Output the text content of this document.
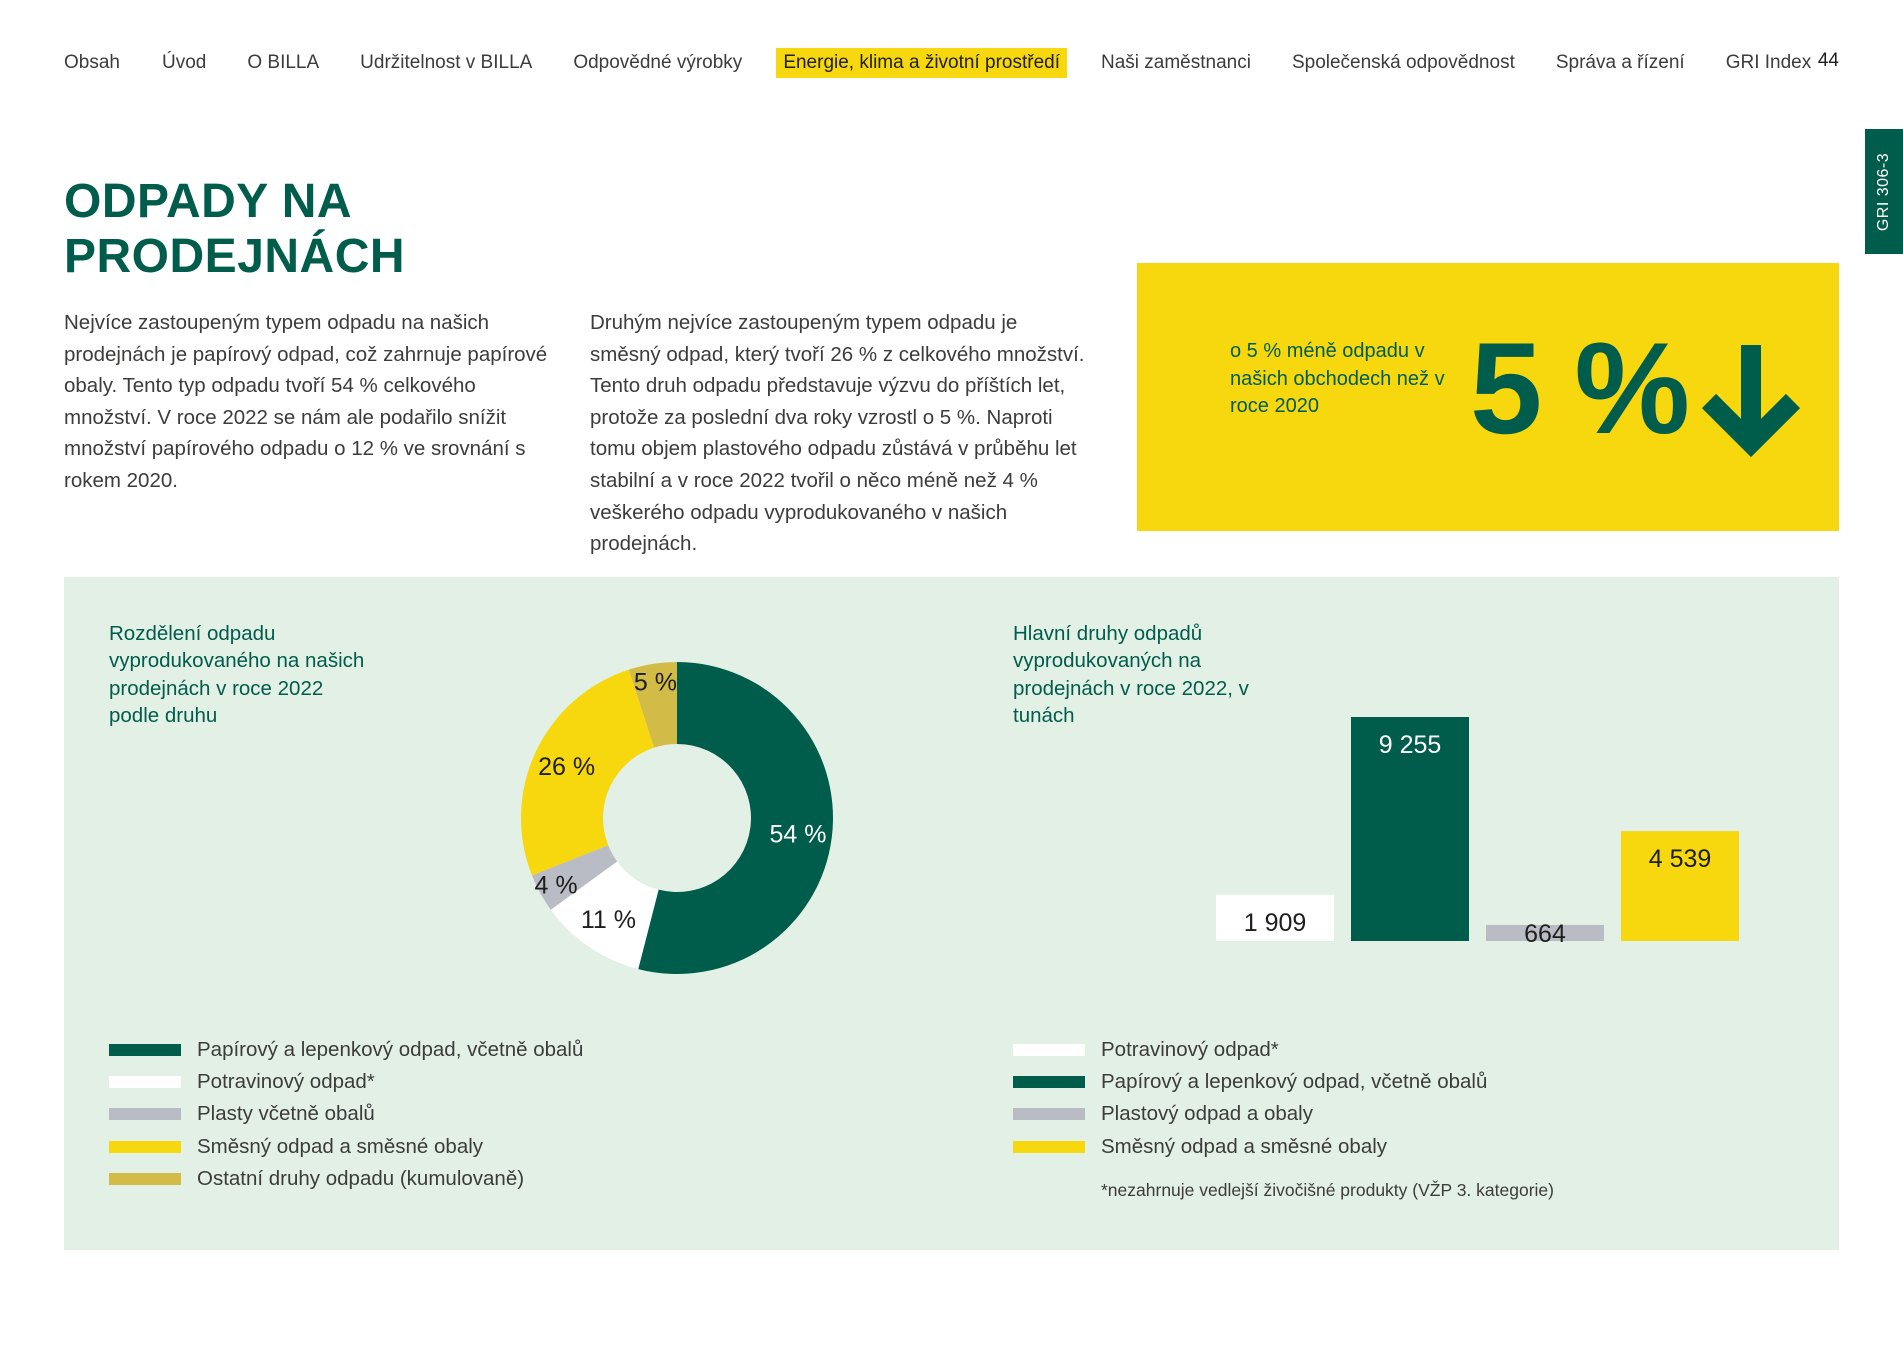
Obsah	Úvod	O BILLA	Udržitelnost v BILLA	Odpovědné výrobky	Energie, klima a životní prostředí	Naši zaměstnanci	Společenská odpovědnost	Správa a řízení	GRI Index 44
GRI 306-3
ODPADY NA
PRODEJNÁCH

Nejvíce zastoupeným typem odpadu na našich prodejnách je papírový odpad, což zahrnuje papírové obaly. Tento typ odpadu tvoří 54 % celkového množství. V roce 2022 se nám ale podařilo snížit množství papírového odpadu o 12 % ve srovnání s rokem 2020.

Druhým nejvíce zastoupeným typem odpadu je směsný odpad, který tvoří 26 % z celkového množství. Tento druh odpadu představuje výzvu do příštích let, protože za poslední dva roky vzrostl o 5 %. Naproti tomu objem plastového odpadu zůstává v průběhu let stabilní a v roce 2022 tvořil o něco méně než 4 % veškerého odpadu vyprodukovaného v našich prodejnách.

o 5 % méně odpadu v našich obchodech než v roce 2020	5 %

Rozdělení odpadu vyprodukovaného na našich prodejnách v roce 2022 podle druhu

54 %
11 %
4 %
26 %
5 %
Papírový a lepenkový odpad, včetně obalů
Potravinový odpad*
Plasty včetně obalů
Směsný odpad a směsné obaly
Ostatní druhy odpadu (kumulovaně)

Hlavní druhy odpadů vyprodukovaných na prodejnách v roce 2022, v tunách

1 909
9 255
664
4 539
Potravinový odpad*
Papírový a lepenkový odpad, včetně obalů
Plastový odpad a obaly
Směsný odpad a směsné obaly
*nezahrnuje vedlejší živočišné produkty (VŽP 3. kategorie)
